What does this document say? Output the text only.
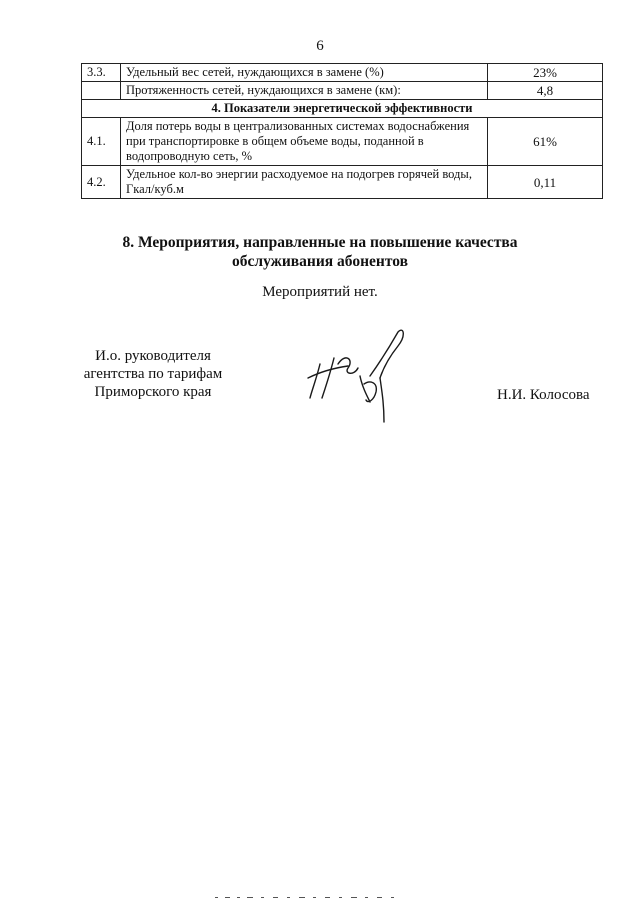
6
3.3.	Удельный вес сетей, нуждающихся в замене (%)	23%
	Протяженность сетей, нуждающихся в замене (км):	4,8
4. Показатели энергетической эффективности		
4.1.	Доля потерь воды в централизованных системах водоснабжения при транспортировке в общем объеме воды, поданной в водопроводную сеть, %	61%
4.2.	Удельное кол-во энергии расходуемое на подогрев горячей воды, Гкал/куб.м	0,11
8. Мероприятия, направленные на повышение качества
обслуживания абонентов
Мероприятий нет.
И.о. руководителя
агентства по тарифам
Приморского края	Н.И. Колосова
